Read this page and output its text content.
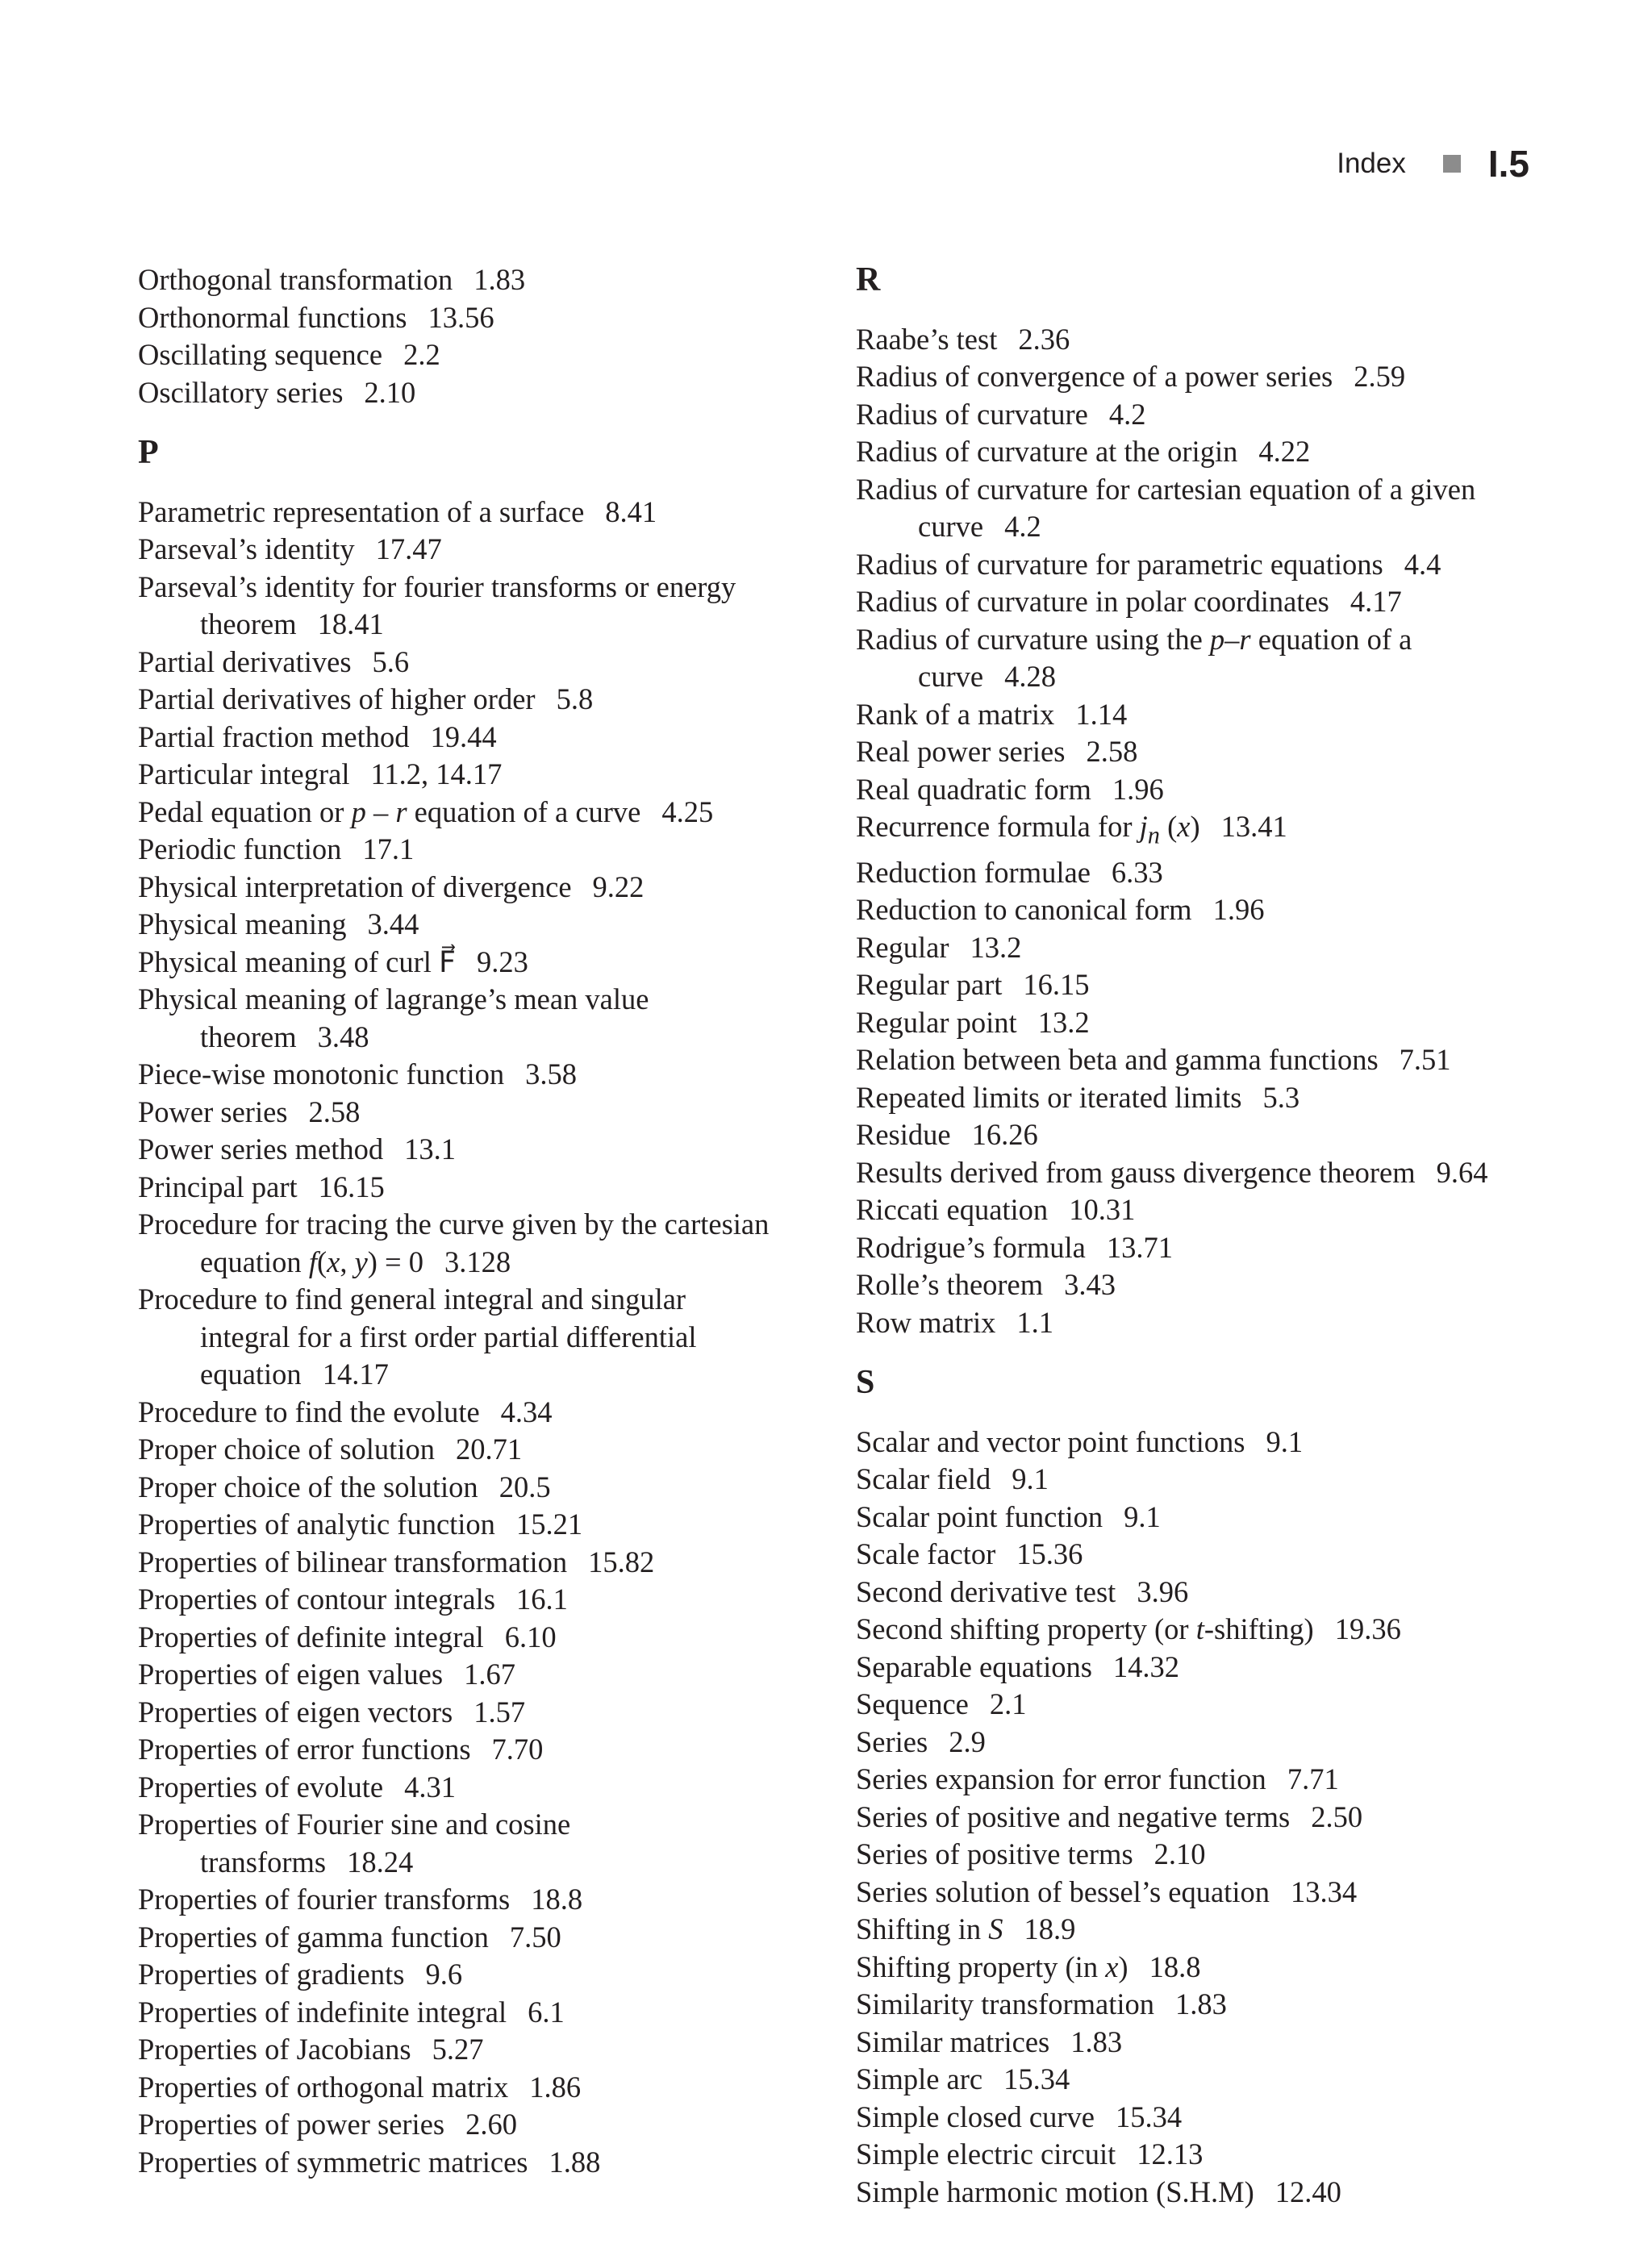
Index I.5
Orthogonal transformation 1.83
Orthonormal functions 13.56
Oscillating sequence 2.2
Oscillatory series 2.10
P
Parametric representation of a surface 8.41
Parseval’s identity 17.47
Parseval’s identity for fourier transforms or energy
theorem 18.41
Partial derivatives 5.6
Partial derivatives of higher order 5.8
Partial fraction method 19.44
Particular integral 11.2, 14.17
Pedal equation or p – r equation of a curve 4.25
Periodic function 17.1
Physical interpretation of divergence 9.22
Physical meaning 3.44
Physical meaning of curl F⃗ 9.23
Physical meaning of lagrange’s mean value
theorem 3.48
Piece-wise monotonic function 3.58
Power series 2.58
Power series method 13.1
Principal part 16.15
Procedure for tracing the curve given by the cartesian
equation f(x, y) = 0 3.128
Procedure to find general integral and singular
integral for a first order partial differential
equation 14.17
Procedure to find the evolute 4.34
Proper choice of solution 20.71
Proper choice of the solution 20.5
Properties of analytic function 15.21
Properties of bilinear transformation 15.82
Properties of contour integrals 16.1
Properties of definite integral 6.10
Properties of eigen values 1.67
Properties of eigen vectors 1.57
Properties of error functions 7.70
Properties of evolute 4.31
Properties of Fourier sine and cosine
transforms 18.24
Properties of fourier transforms 18.8
Properties of gamma function 7.50
Properties of gradients 9.6
Properties of indefinite integral 6.1
Properties of Jacobians 5.27
Properties of orthogonal matrix 1.86
Properties of power series 2.60
Properties of symmetric matrices 1.88
R
Raabe’s test 2.36
Radius of convergence of a power series 2.59
Radius of curvature 4.2
Radius of curvature at the origin 4.22
Radius of curvature for cartesian equation of a given
curve 4.2
Radius of curvature for parametric equations 4.4
Radius of curvature in polar coordinates 4.17
Radius of curvature using the p–r equation of a
curve 4.28
Rank of a matrix 1.14
Real power series 2.58
Real quadratic form 1.96
Recurrence formula for $j_n$ (x) 13.41
Reduction formulae 6.33
Reduction to canonical form 1.96
Regular 13.2
Regular part 16.15
Regular point 13.2
Relation between beta and gamma functions 7.51
Repeated limits or iterated limits 5.3
Residue 16.26
Results derived from gauss divergence theorem 9.64
Riccati equation 10.31
Rodrigue’s formula 13.71
Rolle’s theorem 3.43
Row matrix 1.1
S
Scalar and vector point functions 9.1
Scalar field 9.1
Scalar point function 9.1
Scale factor 15.36
Second derivative test 3.96
Second shifting property (or t-shifting) 19.36
Separable equations 14.32
Sequence 2.1
Series 2.9
Series expansion for error function 7.71
Series of positive and negative terms 2.50
Series of positive terms 2.10
Series solution of bessel’s equation 13.34
Shifting in S 18.9
Shifting property (in x) 18.8
Similarity transformation 1.83
Similar matrices 1.83
Simple arc 15.34
Simple closed curve 15.34
Simple electric circuit 12.13
Simple harmonic motion (S.H.M) 12.40
